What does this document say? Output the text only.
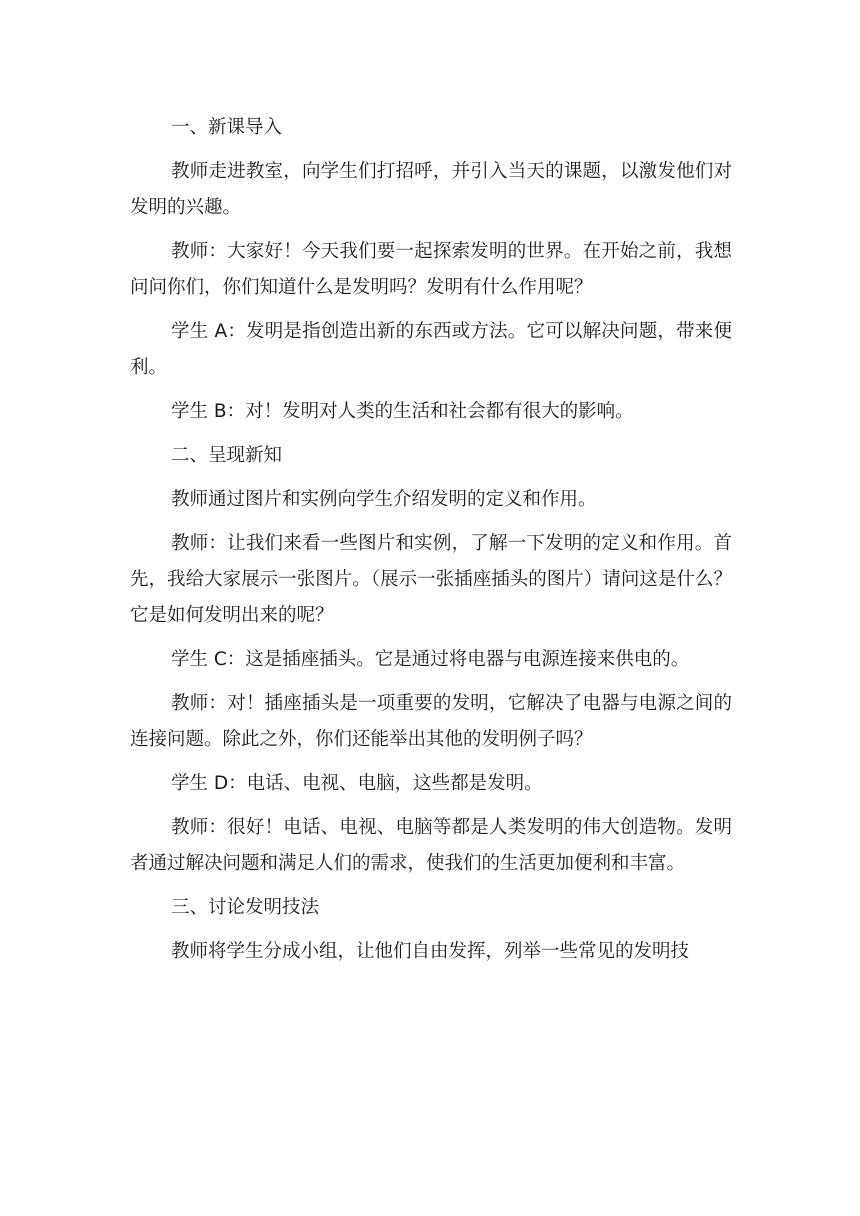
一、新课导入

教师走进教室，向学生们打招呼，并引入当天的课题，以激发他们对发明的兴趣。

教师：大家好！今天我们要一起探索发明的世界。在开始之前，我想问问你们，你们知道什么是发明吗？发明有什么作用呢？

学生 A：发明是指创造出新的东西或方法。它可以解决问题，带来便利。

学生 B：对！发明对人类的生活和社会都有很大的影响。

二、呈现新知

教师通过图片和实例向学生介绍发明的定义和作用。

教师：让我们来看一些图片和实例，了解一下发明的定义和作用。首先，我给大家展示一张图片。（展示一张插座插头的图片）请问这是什么？它是如何发明出来的呢？

学生 C：这是插座插头。它是通过将电器与电源连接来供电的。

教师：对！插座插头是一项重要的发明，它解决了电器与电源之间的连接问题。除此之外，你们还能举出其他的发明例子吗？

学生 D：电话、电视、电脑，这些都是发明。

教师：很好！电话、电视、电脑等都是人类发明的伟大创造物。发明者通过解决问题和满足人们的需求，使我们的生活更加便利和丰富。

三、讨论发明技法

教师将学生分成小组，让他们自由发挥，列举一些常见的发明技
